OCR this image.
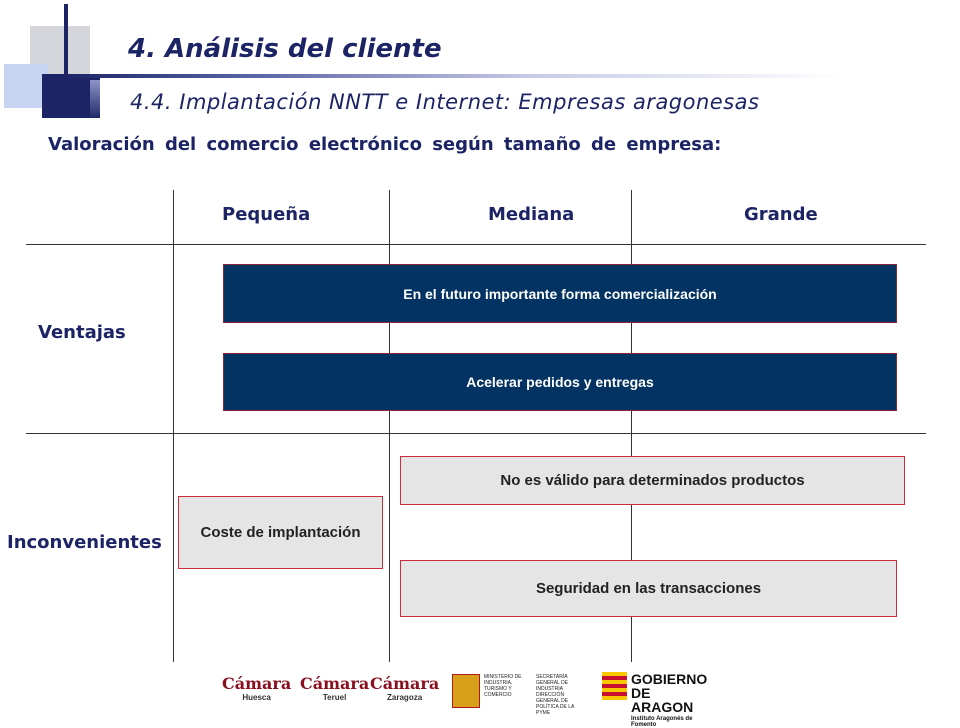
4. Análisis del cliente
4.4. Implantación NNTT e Internet: Empresas aragonesas
Valoración del comercio electrónico según tamaño de empresa:
Pequeña	Mediana	Grande
Ventajas
Inconvenientes
En el futuro importante forma comercialización
Acelerar pedidos y entregas
No es válido para determinados productos
Coste de implantación
Seguridad en las transacciones
Cámara
Huesca
Cámara
Teruel
Cámara
Zaragoza
MINISTERIO DE INDUSTRIA, TURISMO Y COMERCIO
SECRETARÍA GENERAL DE INDUSTRIA
DIRECCIÓN GENERAL DE POLÍTICA DE LA PYME
GOBIERNO
DE ARAGON
Instituto Aragonés de Fomento
